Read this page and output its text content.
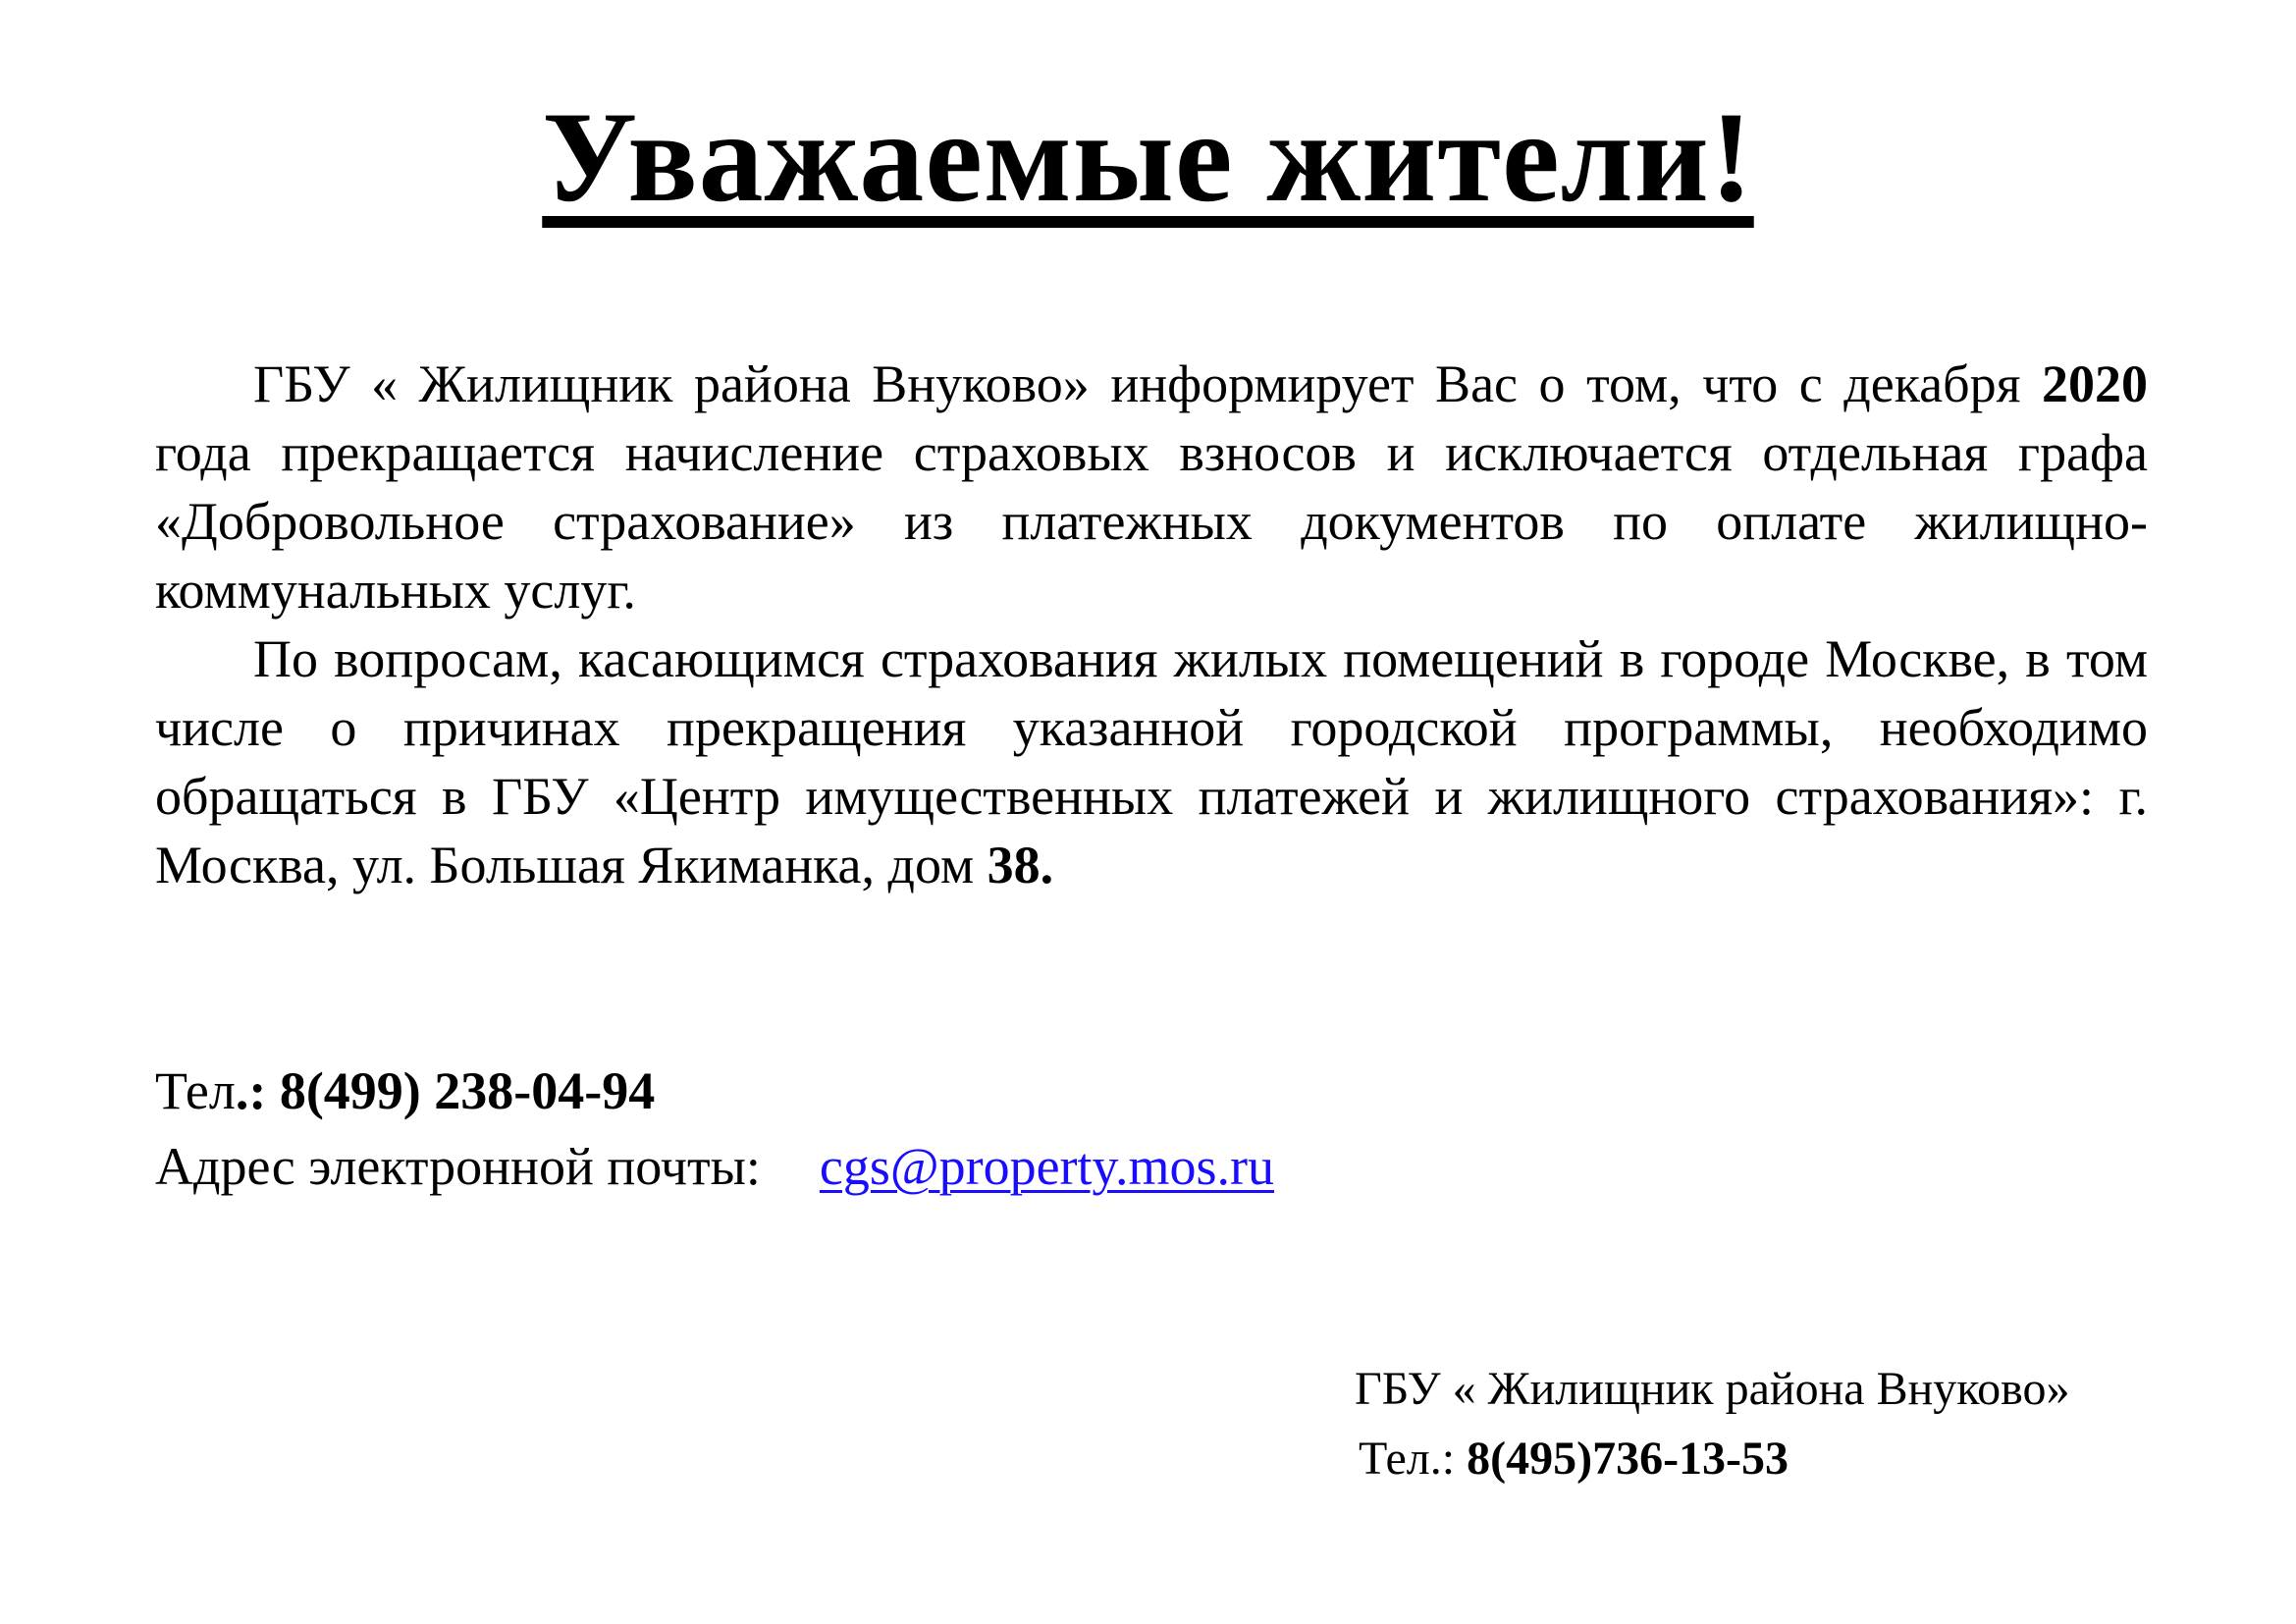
Уважаемые жители!

ГБУ « Жилищник района Внуково» информирует Вас о том, что с декабря 2020 года прекращается начисление страховых взносов и исключается отдельная графа «Добровольное страхование» из платежных документов по оплате жилищно-коммунальных услуг.

По вопросам, касающимся страхования жилых помещений в городе Москве, в том числе о причинах прекращения указанной городской программы, необходимо обращаться в ГБУ «Центр имущественных платежей и жилищного страхования»: г. Москва, ул. Большая Якиманка, дом 38.

Тел.: 8(499) 238-04-94
Адрес электронной почты: cgs@property.mos.ru
ГБУ « Жилищник района Внуково»
Тел.: 8(495)736-13-53
